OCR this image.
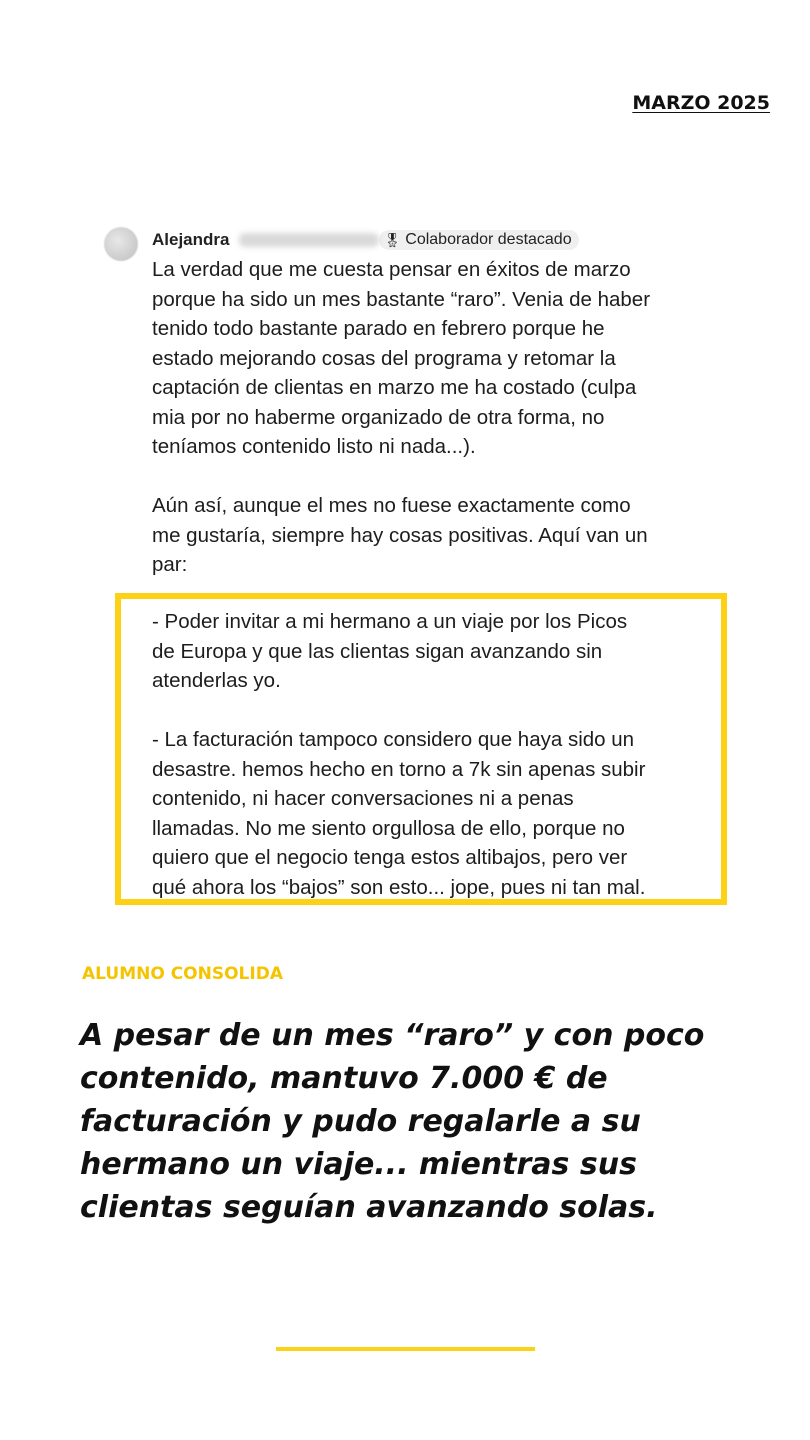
MARZO 2025
Alejandra	🎖︎ Colaborador destacado

La verdad que me cuesta pensar en éxitos de marzo
porque ha sido un mes bastante “raro”. Venia de haber
tenido todo bastante parado en febrero porque he
estado mejorando cosas del programa y retomar la
captación de clientas en marzo me ha costado (culpa
mia por no haberme organizado de otra forma, no
teníamos contenido listo ni nada...).

Aún así, aunque el mes no fuese exactamente como
me gustaría, siempre hay cosas positivas. Aquí van un
par:

- Poder invitar a mi hermano a un viaje por los Picos
de Europa y que las clientas sigan avanzando sin
atenderlas yo.

- La facturación tampoco considero que haya sido un
desastre. hemos hecho en torno a 7k sin apenas subir
contenido, ni hacer conversaciones ni a penas
llamadas. No me siento orgullosa de ello, porque no
quiero que el negocio tenga estos altibajos, pero ver
qué ahora los “bajos” son esto... jope, pues ni tan mal.

ALUMNO CONSOLIDA
A pesar de un mes “raro” y con poco
contenido, mantuvo 7.000 € de
facturación y pudo regalarle a su
hermano un viaje... mientras sus
clientas seguían avanzando solas.
